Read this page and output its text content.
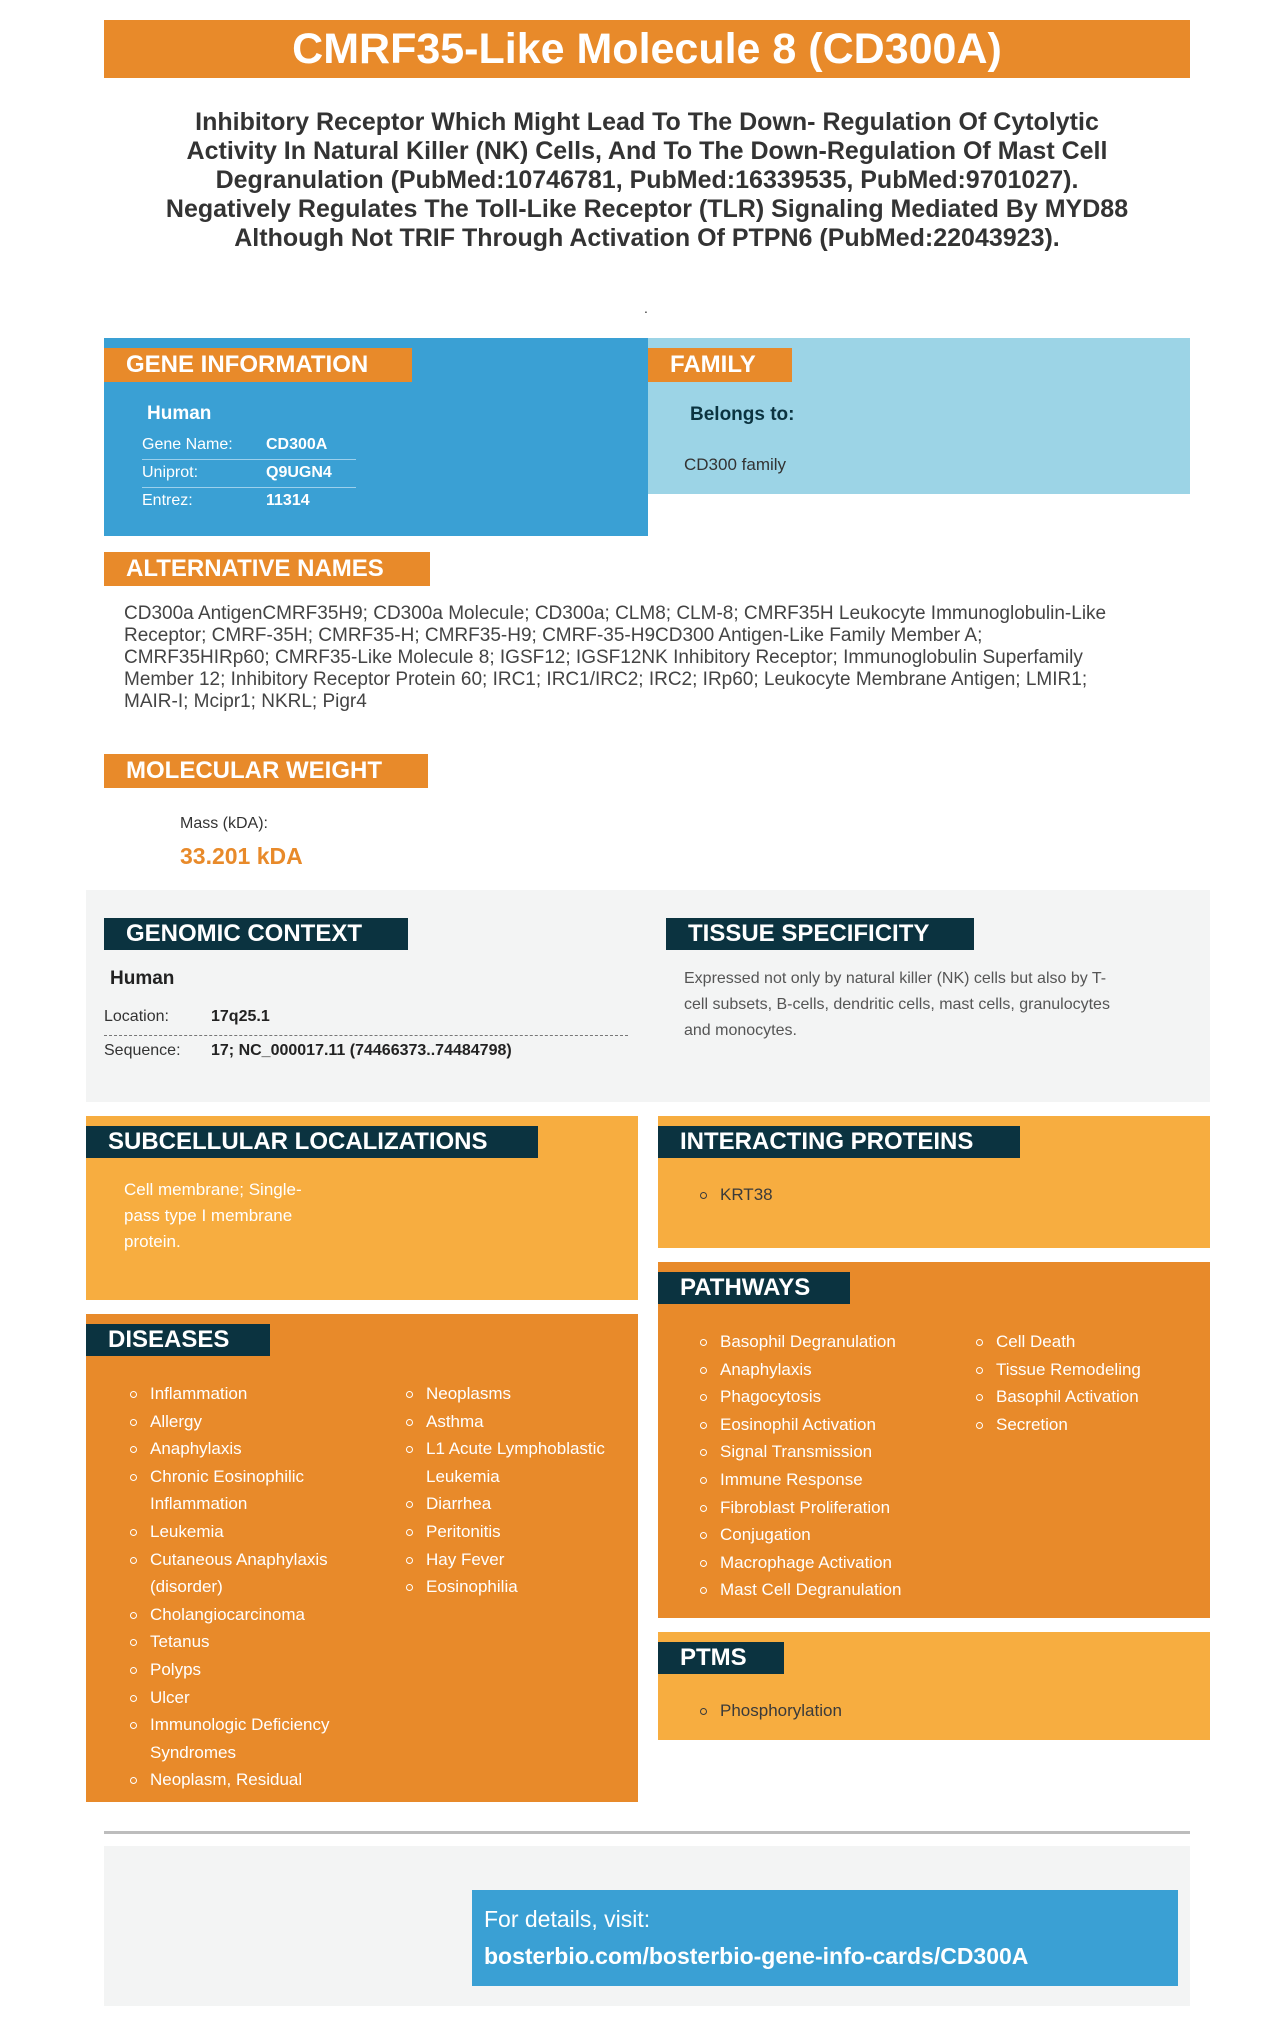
CMRF35-Like Molecule 8 (CD300A)
Inhibitory Receptor Which Might Lead To The Down- Regulation Of Cytolytic
Activity In Natural Killer (NK) Cells, And To The Down-Regulation Of Mast Cell
Degranulation (PubMed:10746781, PubMed:16339535, PubMed:9701027).
Negatively Regulates The Toll-Like Receptor (TLR) Signaling Mediated By MYD88
Although Not TRIF Through Activation Of PTPN6 (PubMed:22043923).
.
GENE INFORMATION
Human
Gene Name: CD300A
Uniprot:	Q9UGN4
Entrez:	11314
FAMILY
Belongs to:
CD300 family
ALTERNATIVE NAMES
CD300a AntigenCMRF35H9; CD300a Molecule; CD300a; CLM8; CLM-8; CMRF35H Leukocyte Immunoglobulin-Like
Receptor; CMRF-35H; CMRF35-H; CMRF35-H9; CMRF-35-H9CD300 Antigen-Like Family Member A;
CMRF35HIRp60; CMRF35-Like Molecule 8; IGSF12; IGSF12NK Inhibitory Receptor; Immunoglobulin Superfamily
Member 12; Inhibitory Receptor Protein 60; IRC1; IRC1/IRC2; IRC2; IRp60; Leukocyte Membrane Antigen; LMIR1;
MAIR-I; Mcipr1; NKRL; Pigr4
MOLECULAR WEIGHT
Mass (kDA):
33.201 kDA
GENOMIC CONTEXT
Human
Location:	17q25.1
Sequence: 17; NC_000017.11 (74466373..74484798)
TISSUE SPECIFICITY
Expressed not only by natural killer (NK) cells but also by T-
cell subsets, B-cells, dendritic cells, mast cells, granulocytes
and monocytes.
SUBCELLULAR LOCALIZATIONS
Cell membrane; Single-
pass type I membrane
protein.
INTERACTING PROTEINS
KRT38
DISEASES
Inflammation
Allergy
Anaphylaxis
Chronic Eosinophilic
Inflammation
Leukemia
Cutaneous Anaphylaxis
(disorder)
Cholangiocarcinoma
Tetanus
Polyps
Ulcer
Immunologic Deficiency
Syndromes
Neoplasm, Residual
Neoplasms
Asthma
L1 Acute Lymphoblastic
Leukemia
Diarrhea
Peritonitis
Hay Fever
Eosinophilia
PATHWAYS
Basophil Degranulation
Anaphylaxis
Phagocytosis
Eosinophil Activation
Signal Transmission
Immune Response
Fibroblast Proliferation
Conjugation
Macrophage Activation
Mast Cell Degranulation
Cell Death
Tissue Remodeling
Basophil Activation
Secretion
PTMS
Phosphorylation
For details, visit:
bosterbio.com/bosterbio-gene-info-cards/CD300A
